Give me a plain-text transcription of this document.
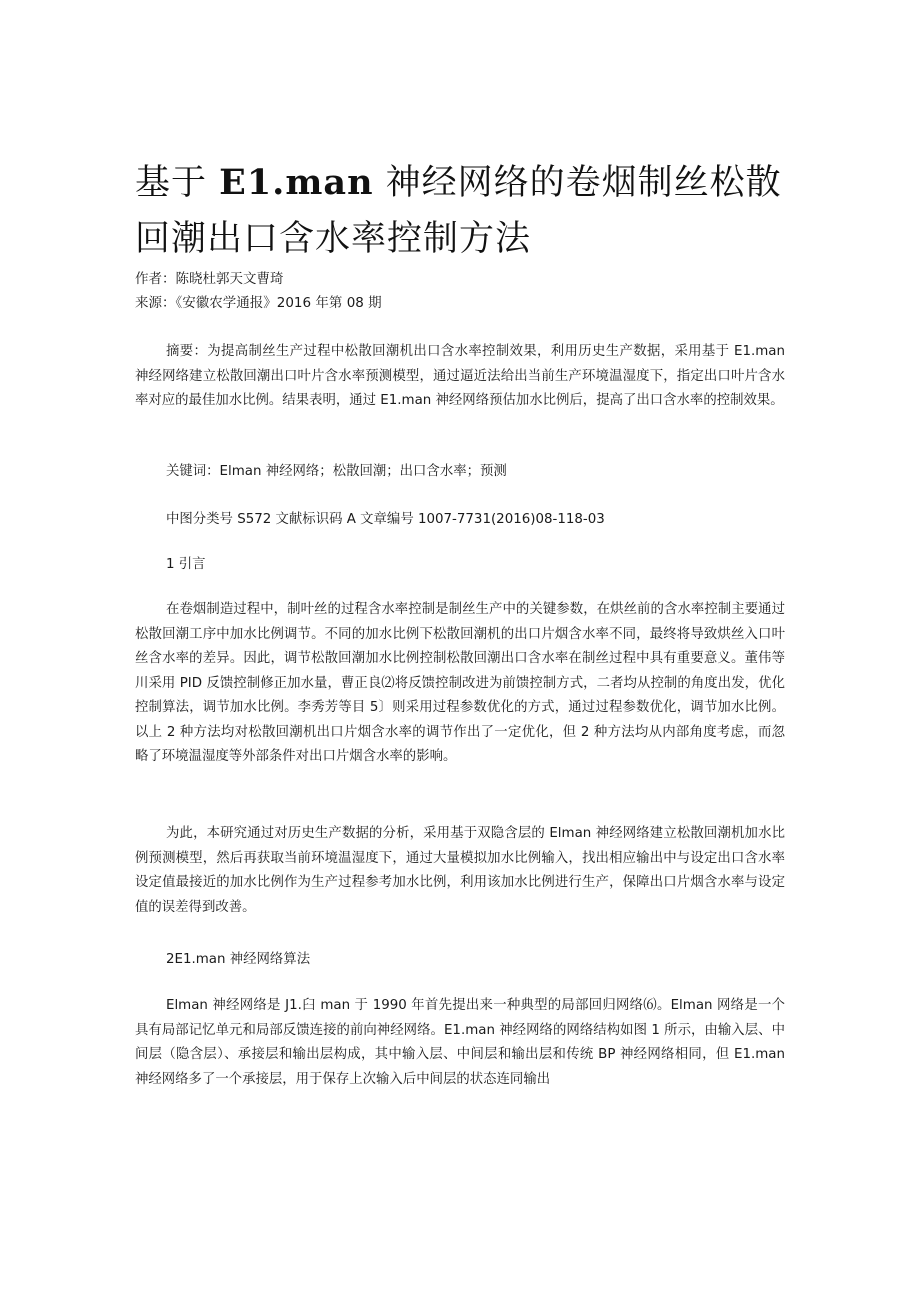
基于 E1.man 神经网络的卷烟制丝松散回潮出口含水率控制方法
作者：陈晓杜郭天文曹琦
来源：《安徽农学通报》2016 年第 08 期

摘要：为提高制丝生产过程中松散回潮机出口含水率控制效果，利用历史生产数据，采用基于 E1.man 神经网络建立松散回潮出口叶片含水率预测模型，通过逼近法给出当前生产环境温湿度下，指定出口叶片含水率对应的最佳加水比例。结果表明，通过 E1.man 神经网络预估加水比例后，提高了出口含水率的控制效果。

关键词：Elman 神经网络；松散回潮；出口含水率；预测

中图分类号 S572 文献标识码 A 文章编号 1007-7731(2016)08-118-03

1 引言

在卷烟制造过程中，制叶丝的过程含水率控制是制丝生产中的关键参数，在烘丝前的含水率控制主要通过松散回潮工序中加水比例调节。不同的加水比例下松散回潮机的出口片烟含水率不同，最终将导致烘丝入口叶丝含水率的差异。因此，调节松散回潮加水比例控制松散回潮出口含水率在制丝过程中具有重要意义。董伟等川采用 PID 反馈控制修正加水量，曹正良⑵将反馈控制改进为前馈控制方式，二者均从控制的角度出发，优化控制算法，调节加水比例。李秀芳等目 5〕则采用过程参数优化的方式，通过过程参数优化，调节加水比例。以上 2 种方法均对松散回潮机出口片烟含水率的调节作出了一定优化，但 2 种方法均从内部角度考虑，而忽略了环境温湿度等外部条件对出口片烟含水率的影响。

为此，本研究通过对历史生产数据的分析，采用基于双隐含层的 Elman 神经网络建立松散回潮机加水比例预测模型，然后再获取当前环境温湿度下，通过大量模拟加水比例输入，找出相应输出中与设定出口含水率设定值最接近的加水比例作为生产过程参考加水比例，利用该加水比例进行生产，保障出口片烟含水率与设定值的误差得到改善。

2E1.man 神经网络算法

Elman 神经网络是 J1.臼 man 于 1990 年首先提出来一种典型的局部回归网络⑹。Elman 网络是一个具有局部记忆单元和局部反馈连接的前向神经网络。E1.man 神经网络的网络结构如图 1 所示，由输入层、中间层（隐含层）、承接层和输出层构成，其中输入层、中间层和输出层和传统 BP 神经网络相同，但 E1.man 神经网络多了一个承接层，用于保存上次输入后中间层的状态连同输出
